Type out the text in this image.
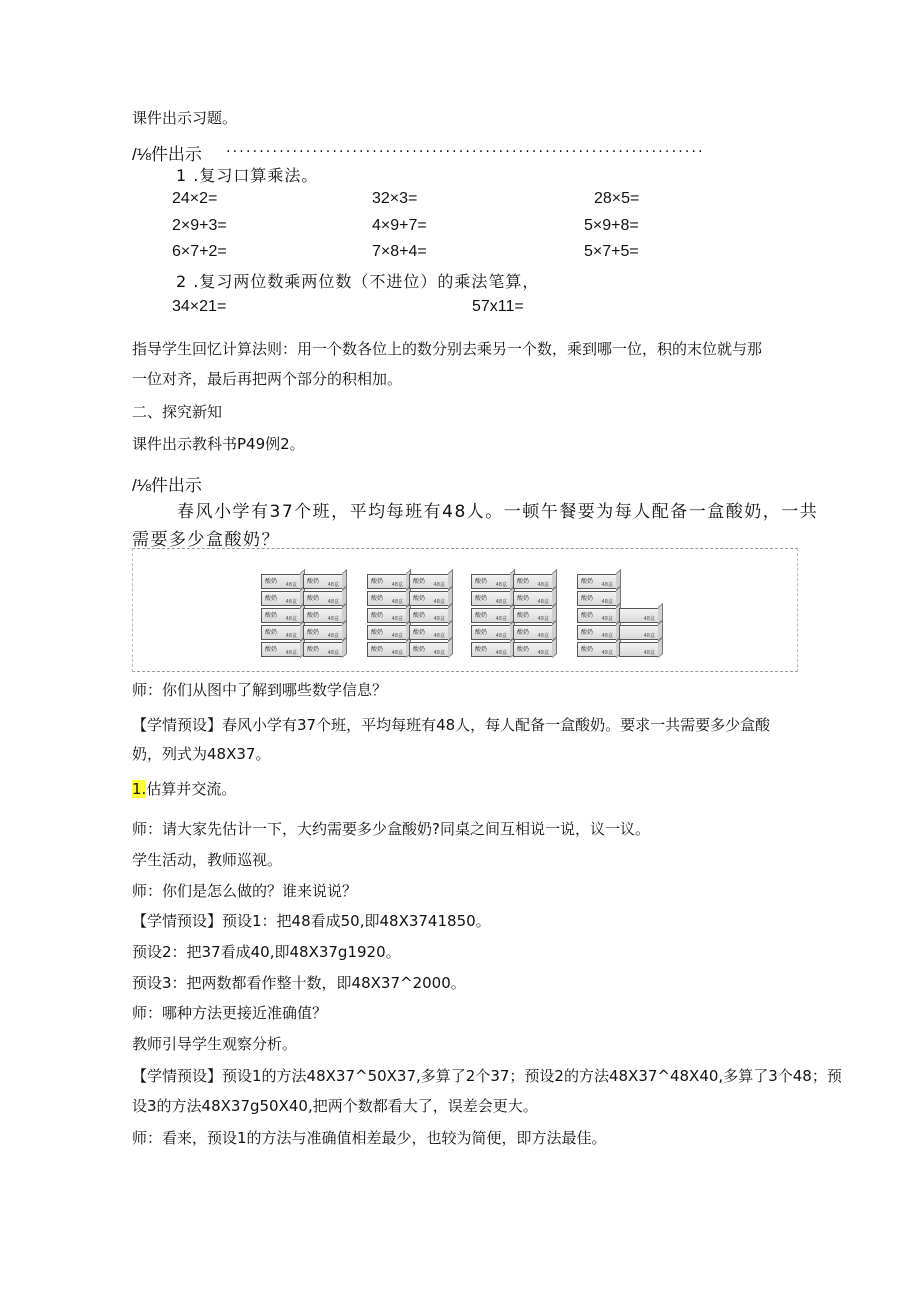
课件出示习题。
/⅛件出示 ........................................................................
1 .复习口算乘法。
24×2=	32×3=	28×5=
2×9+3=	4×9+7=	5×9+8=
6×7+2=	7×8+4=	5×7+5=
2 .复习两位数乘两位数（不进位）的乘法笔算，
34×21=	57x11=
指导学生回忆计算法则：用一个数各位上的数分别去乘另一个数，乘到哪一位，积的末位就与那
一位对齐，最后再把两个部分的积相加。
二、探究新知
课件出示教科书P49例2。
/⅛件出示
春风小学有37个班，平均每班有48人。一顿午餐要为每人配备一盒酸奶，一共
需要多少盒酸奶？
酸奶 48盒
酸奶 48盒
酸奶 48盒
酸奶 48盒
酸奶 48盒
酸奶 48盒
酸奶 48盒
酸奶 48盒
酸奶 48盒
酸奶 48盒
酸奶 48盒
酸奶 48盒
酸奶 48盒
酸奶 48盒
酸奶 48盒
酸奶 48盒
酸奶 48盒
酸奶 48盒
酸奶 48盒
酸奶 48盒
酸奶 48盒
酸奶 48盒
酸奶 48盒
酸奶 48盒
酸奶 48盒
酸奶 48盒
酸奶 48盒
酸奶 48盒
酸奶 48盒
酸奶 48盒
酸奶 48盒
酸奶 48盒
酸奶 48盒
酸奶 48盒
酸奶 48盒
48盒
48盒
48盒
师：你们从图中了解到哪些数学信息？
【学情预设】春风小学有37个班，平均每班有48人，每人配备一盒酸奶。要求一共需要多少盒酸
奶，列式为48X37。
1.估算并交流。
师：请大家先估计一下，大约需要多少盒酸奶?同桌之间互相说一说，议一议。
学生活动，教师巡视。
师：你们是怎么做的？谁来说说？
【学情预设】预设1：把48看成50,即48X3741850。
预设2：把37看成40,即48X37g1920。
预设3：把两数都看作整十数，即48X37^2000。
师：哪种方法更接近准确值？
教师引导学生观察分析。
【学情预设】预设1的方法48X37^50X37,多算了2个37；预设2的方法48X37^48X40,多算了3个48；预
设3的方法48X37g50X40,把两个数都看大了，误差会更大。
师：看来，预设1的方法与准确值相差最少，也较为简便，即方法最佳。
